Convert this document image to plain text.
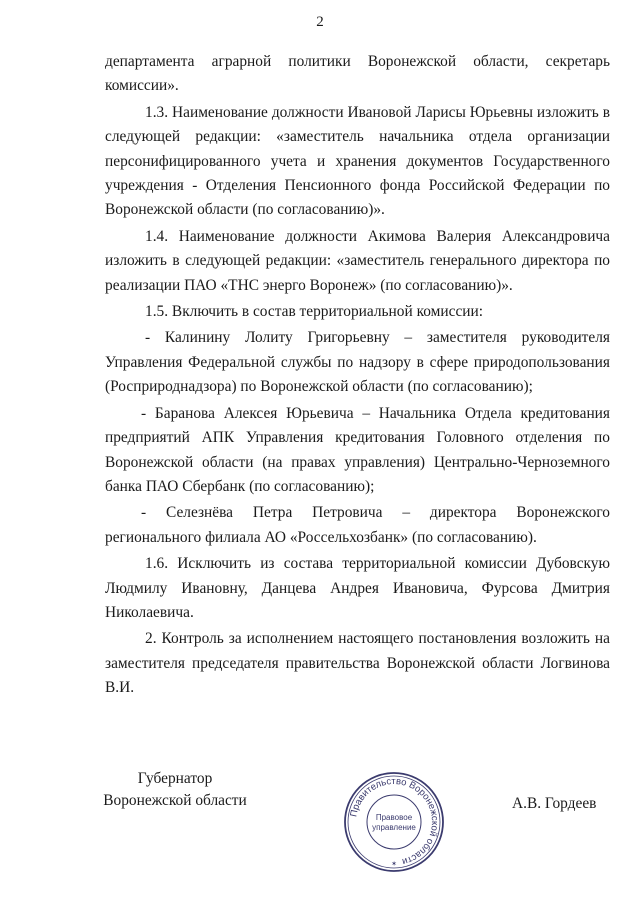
2

департамента аграрной политики Воронежской области, секретарь комиссии».

1.3. Наименование должности Ивановой Ларисы Юрьевны изложить в следующей редакции: «заместитель начальника отдела организации персонифицированного учета и хранения документов Государственного учреждения - Отделения Пенсионного фонда Российской Федерации по Воронежской области (по согласованию)».

1.4. Наименование должности Акимова Валерия Александровича изложить в следующей редакции: «заместитель генерального директора по реализации ПАО «ТНС энерго Воронеж» (по согласованию)».

1.5. Включить в состав территориальной комиссии:

- Калинину Лолиту Григорьевну – заместителя руководителя Управления Федеральной службы по надзору в сфере природопользования (Росприроднадзора) по Воронежской области (по согласованию);

- Баранова Алексея Юрьевича – Начальника Отдела кредитования предприятий АПК Управления кредитования Головного отделения по Воронежской области (на правах управления) Центрально-Черноземного банка ПАО Сбербанк (по согласованию);

- Селезнёва Петра Петровича – директора Воронежского регионального филиала АО «Россельхозбанк» (по согласованию).

1.6. Исключить из состава территориальной комиссии Дубовскую Людмилу Ивановну, Данцева Андрея Ивановича, Фурсова Дмитрия Николаевича.

2. Контроль за исполнением настоящего постановления возложить на заместителя председателя правительства Воронежской области Логвинова В.И.

Губернатор
Воронежской области
Правительство Воронежской области
Правовое
управление
✶
А.В. Гордеев
